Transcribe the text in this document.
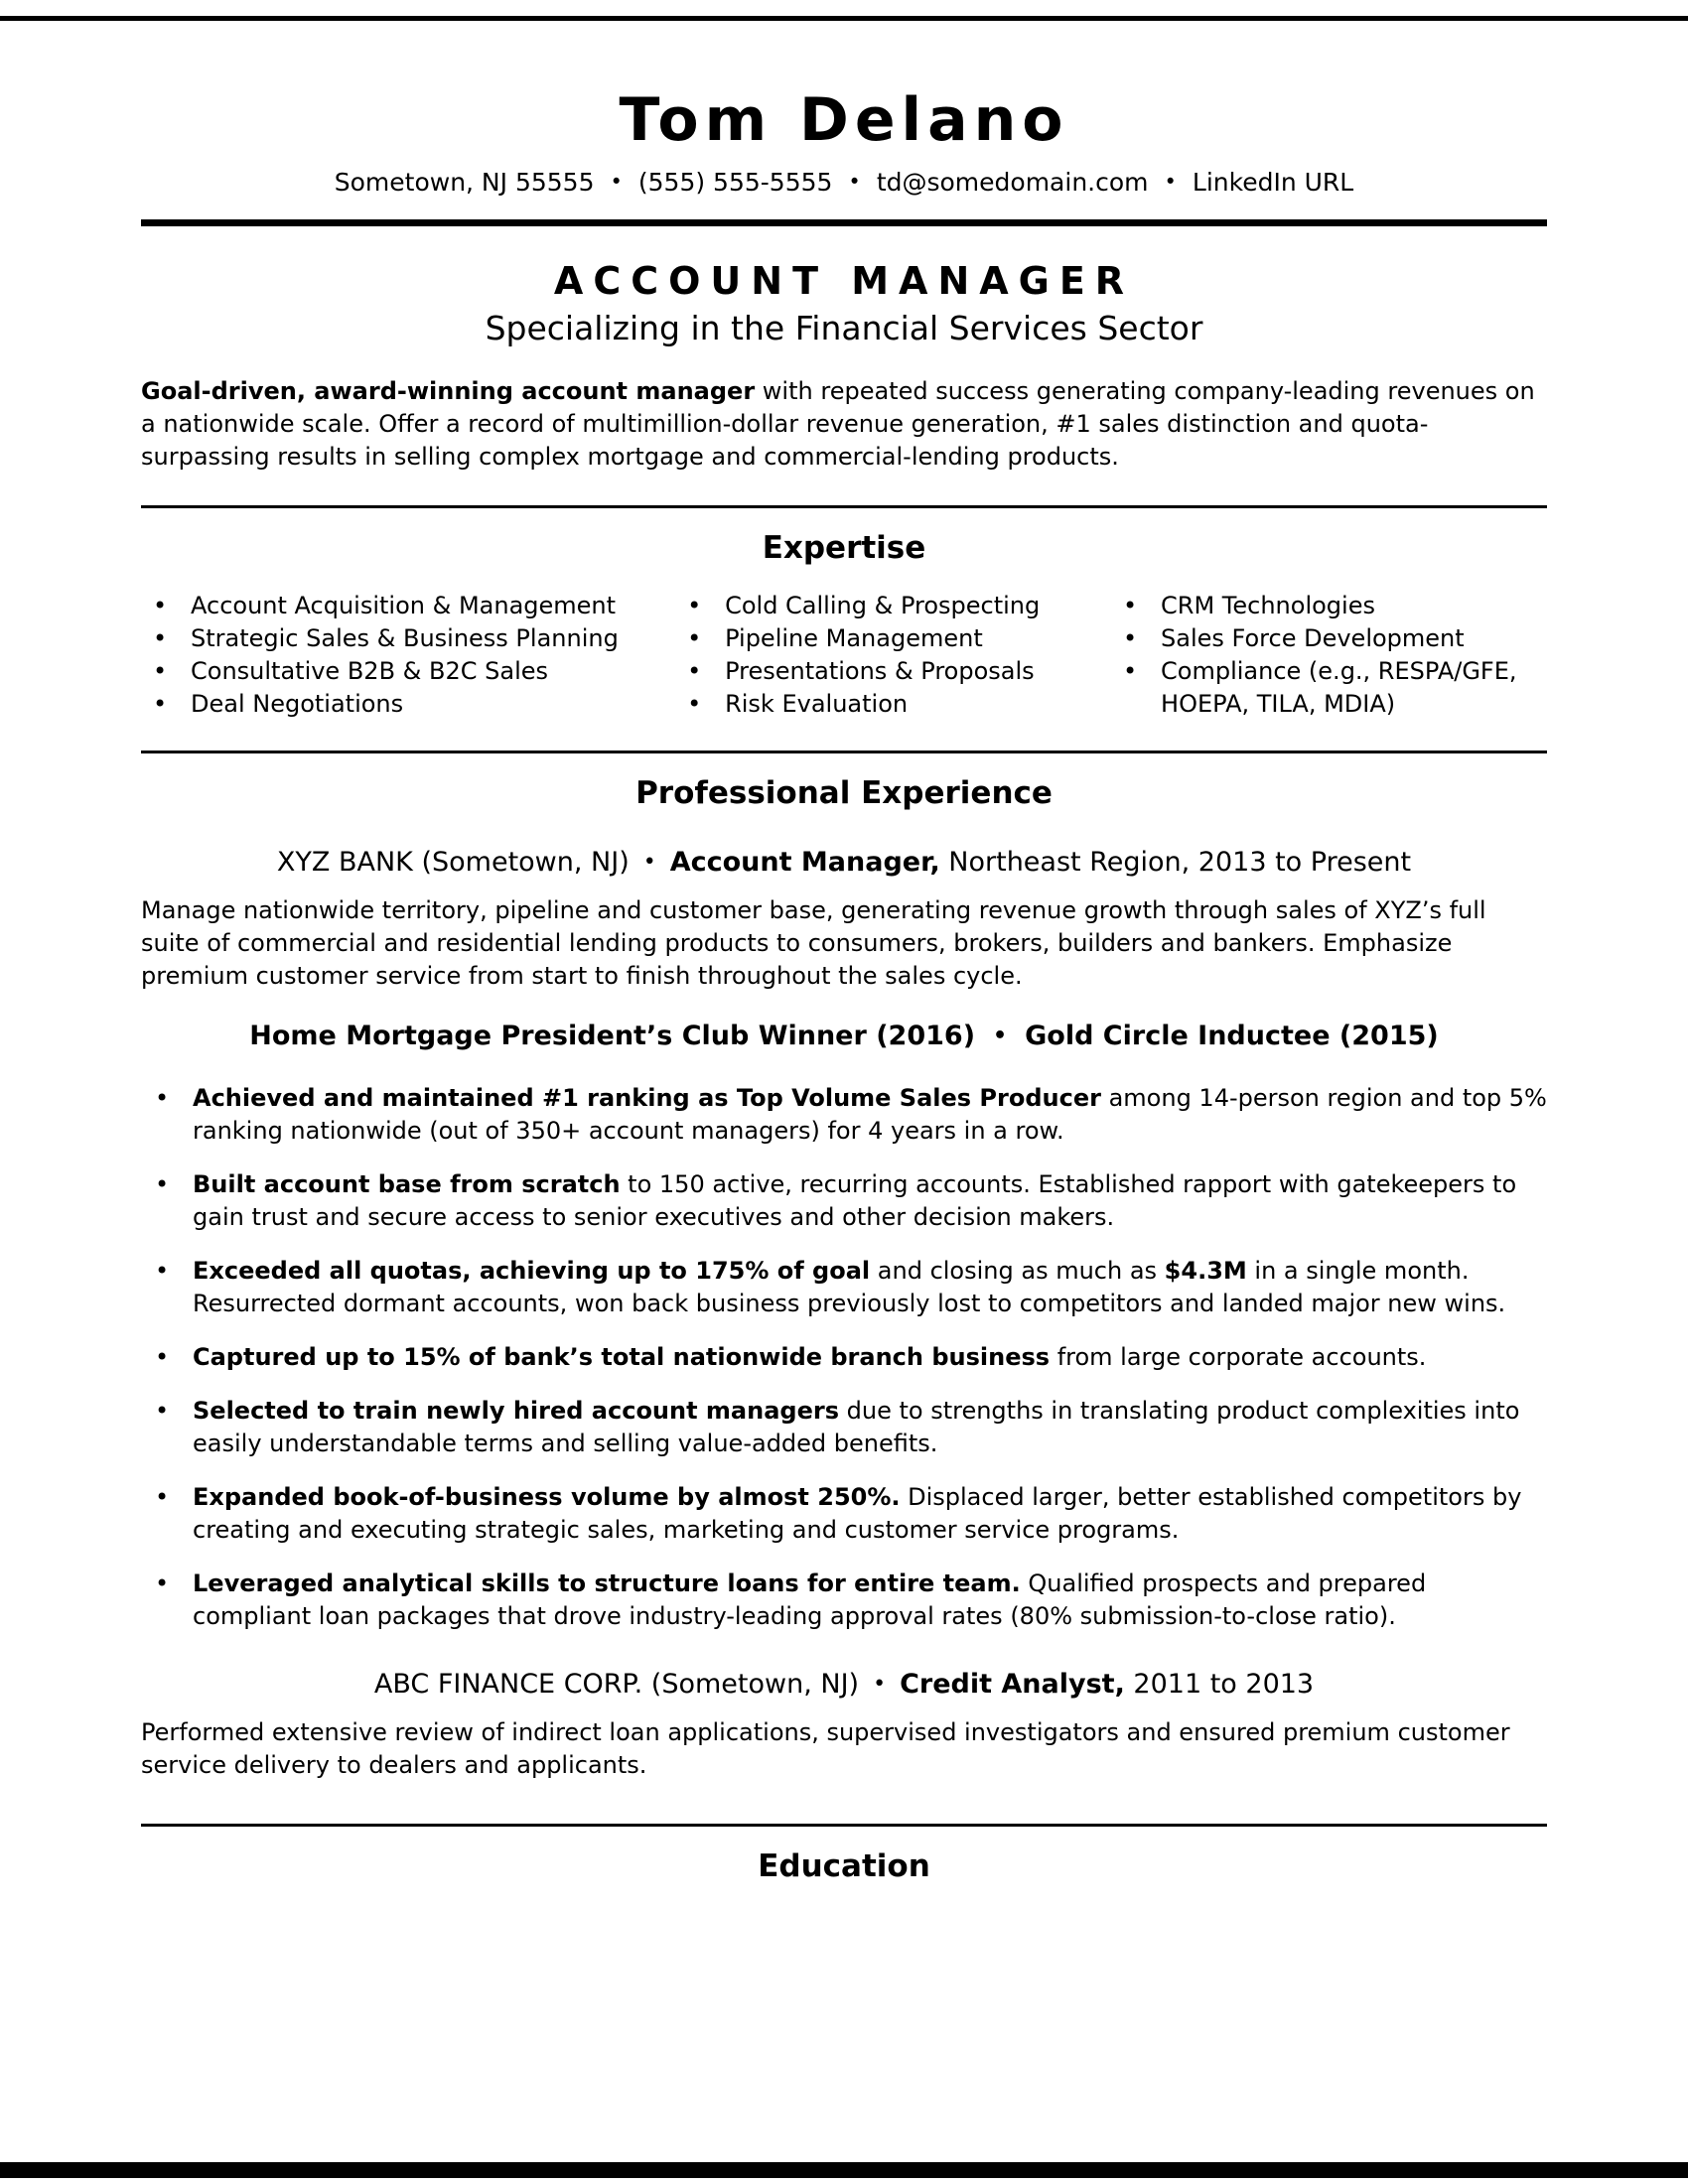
Tom Delano
Sometown, NJ 55555 • (555) 555-5555 • td@somedomain.com • LinkedIn URL
ACCOUNT MANAGER
Specializing in the Financial Services Sector

Goal-driven, award-winning account manager with repeated success generating company-leading revenues on a nationwide scale. Offer a record of multimillion-dollar revenue generation, #1 sales distinction and quota-surpassing results in selling complex mortgage and commercial-lending products.

Expertise
• Account Acquisition & Management
• Strategic Sales & Business Planning
• Consultative B2B & B2C Sales
• Deal Negotiations
• Cold Calling & Prospecting
• Pipeline Management
• Presentations & Proposals
• Risk Evaluation
• CRM Technologies
• Sales Force Development
• Compliance (e.g., RESPA/GFE, HOEPA, TILA, MDIA)
Professional Experience
XYZ BANK (Sometown, NJ) • Account Manager, Northeast Region, 2013 to Present

Manage nationwide territory, pipeline and customer base, generating revenue growth through sales of XYZ’s full suite of commercial and residential lending products to consumers, brokers, builders and bankers. Emphasize premium customer service from start to finish throughout the sales cycle.

Home Mortgage President’s Club Winner (2016) • Gold Circle Inductee (2015)
• Achieved and maintained #1 ranking as Top Volume Sales Producer among 14-person region and top 5% ranking nationwide (out of 350+ account managers) for 4 years in a row.
• Built account base from scratch to 150 active, recurring accounts. Established rapport with gatekeepers to gain trust and secure access to senior executives and other decision makers.
• Exceeded all quotas, achieving up to 175% of goal and closing as much as $4.3M in a single month. Resurrected dormant accounts, won back business previously lost to competitors and landed major new wins.
• Captured up to 15% of bank’s total nationwide branch business from large corporate accounts.
• Selected to train newly hired account managers due to strengths in translating product complexities into easily understandable terms and selling value-added benefits.
• Expanded book-of-business volume by almost 250%. Displaced larger, better established competitors by creating and executing strategic sales, marketing and customer service programs.
• Leveraged analytical skills to structure loans for entire team. Qualified prospects and prepared compliant loan packages that drove industry-leading approval rates (80% submission-to-close ratio).
ABC FINANCE CORP. (Sometown, NJ) • Credit Analyst, 2011 to 2013

Performed extensive review of indirect loan applications, supervised investigators and ensured premium customer service delivery to dealers and applicants.

Education
